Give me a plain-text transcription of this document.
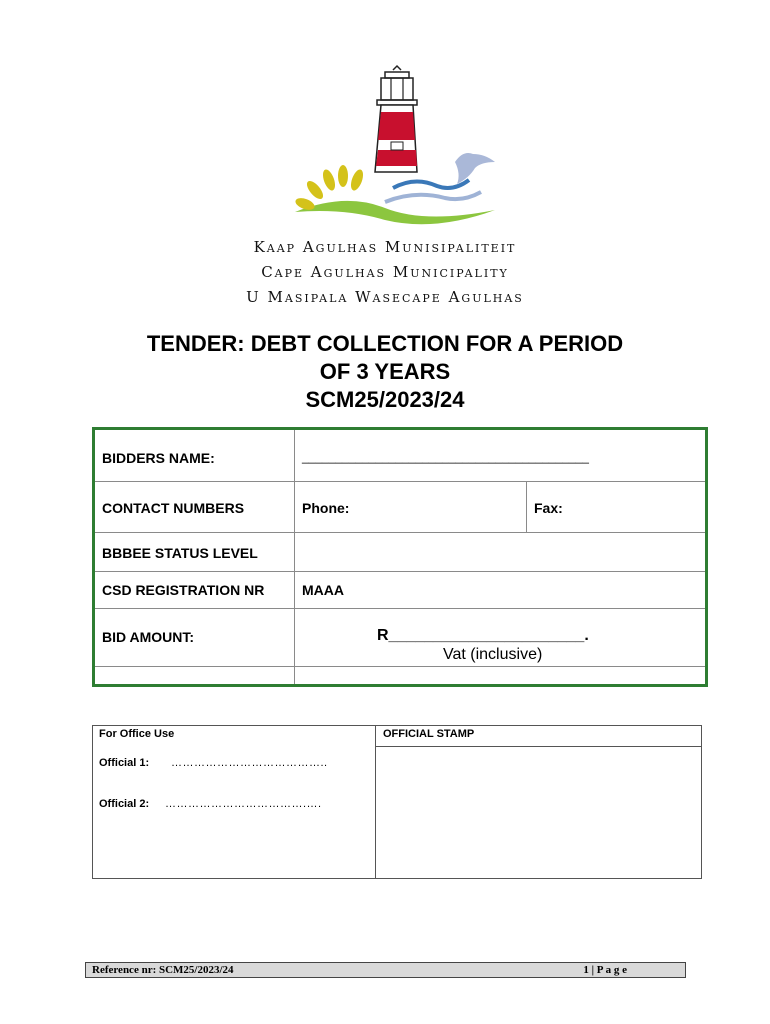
Kaap Agulhas Munisipaliteit
Cape Agulhas Municipality
U Masipala Wasecape Agulhas
TENDER: DEBT COLLECTION FOR A PERIOD
OF 3 YEARS
SCM25/2023/24
BIDDERS NAME:	___________________________________________
CONTACT NUMBERS	Phone:	Fax:
BBBEE STATUS LEVEL
CSD REGISTRATION NR	MAAA
BID AMOUNT:	R______________________.
Vat (inclusive)
For Office Use	OFFICIAL STAMP
Official 1: …………………………………..
Official 2: ……………………………….….
Reference nr: SCM25/2023/24	1 | P a g e
